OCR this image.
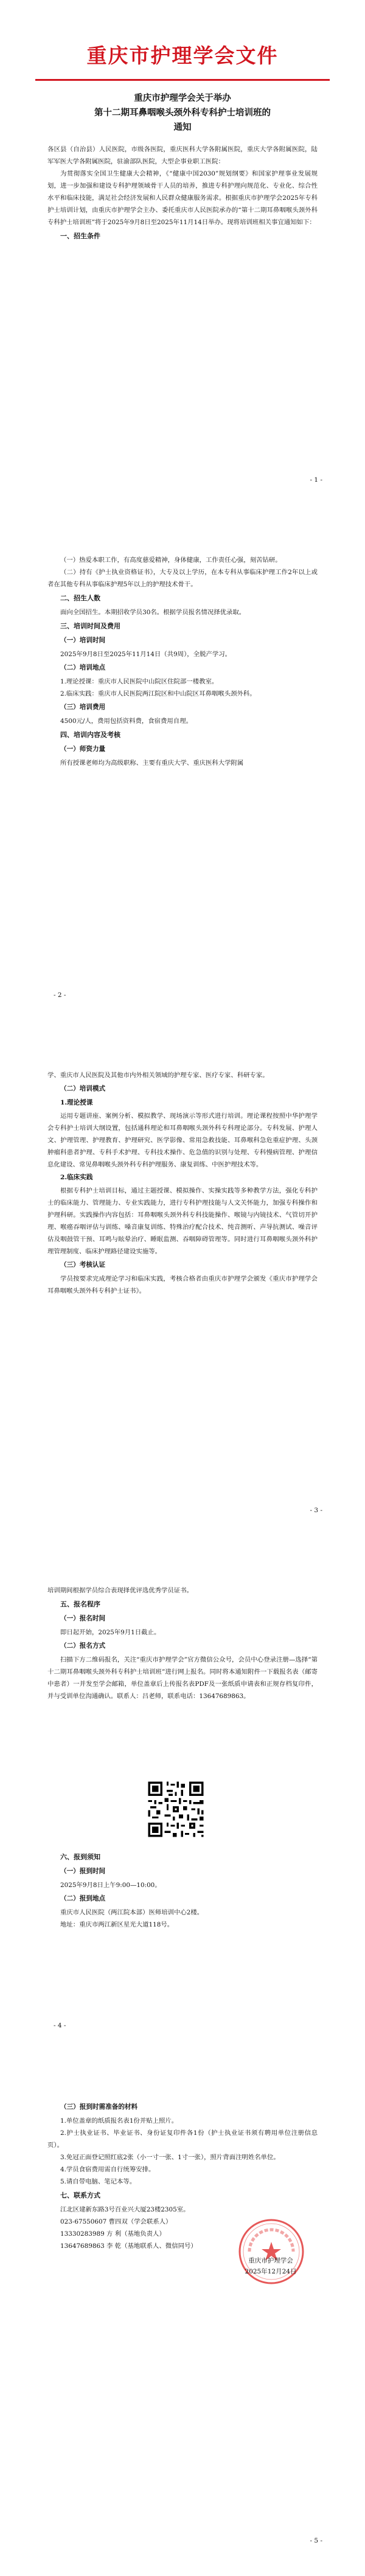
重庆市护理学会文件
重庆市护理学会关于举办
第十二期耳鼻咽喉头颈外科专科护士培训班的
通知

各区县（自治县）人民医院，市级各医院，重庆医科大学各附属医院，重庆大学各附属医院，陆军军医大学各附属医院，驻渝部队医院，大型企事业职工医院：

为贯彻落实全国卫生健康大会精神，《“健康中国2030”规划纲要》和国家护理事业发展规划，进一步加强和建设专科护理领域骨干人员的培养，推进专科护理向规范化、专业化、综合性水平和临床技能，满足社会经济发展和人民群众健康服务需求。根据重庆市护理学会2025年专科护士培训计划，由重庆市护理学会主办、委托重庆市人民医院承办的“第十二期耳鼻咽喉头颈外科专科护士培训班”将于2025年9月8日至2025年11月14日举办。现将培训班相关事宜通知如下：

一、招生条件

- 1 -

（一）热爱本职工作，有高度慈爱精神，身体健康，工作责任心强，刻苦钻研。

（二）持有《护士执业资格证书》，大专及以上学历，在本专科从事临床护理工作2年以上或者在其他专科从事临床护理5年以上的护理技术骨干。

二、招生人数

面向全国招生。本期招收学员30名。根据学员报名情况择优录取。

三、培训时间及费用

（一）培训时间

2025年9月8日至2025年11月14日（共9周），全脱产学习。

（二）培训地点

1.理论授课：重庆市人民医院中山院区住院部一楼教室。

2.临床实践：重庆市人民医院两江院区和中山院区耳鼻咽喉头颈外科。

（三）培训费用

4500元/人，费用包括资料费，食宿费用自理。

四、培训内容及考核

（一）师资力量

所有授课老师均为高级职称、主要有重庆大学、重庆医科大学附属

- 2 -

学、重庆市人民医院及其他市内外相关领域的护理专家、医疗专家、科研专家。

（二）培训模式

1.理论授课

运用专题讲座、案例分析、模拟教学、现场演示等形式进行培训。理论课程按照中华护理学会专科护士培训大纲设置，包括通科理论和耳鼻咽喉头颈外科专科理论部分。专科发展、护理人文、护理管理、护理教育、护理研究、医学影像、常用急救技能、耳鼻喉科急危重症护理、头颈肿瘤科患者护理、专科手术护理、专科技术操作、危急值的识别与处理、专科慢病管理、护理信息化建设、常见鼻咽喉头颈外科专科护理服务、康复训练、中医护理技术等。

2.临床实践

根据专科护士培训目标，通过主题授课、模拟操作、实操实践等多种教学方法，强化专科护士的临床能力、管理能力、专业实践能力，进行专科护理技能与人文关怀能力，加强专科操作和护理科研。实践操作内容包括：耳鼻咽喉头颈外科专科技能操作、喉镜与内镜技术、气管切开护理、喉癌吞咽评估与训练、嗓音康复训练、特殊治疗配合技术、纯音测听、声导抗测试、噪音评估及咽鼓管干预、耳鸣与眩晕治疗、睡眠监测、吞咽障碍管理等。同时进行耳鼻咽喉头颈外科护理管理制度、临床护理路径建设实施等。

（三）考核认证

学员按要求完成理论学习和临床实践，考核合格者由重庆市护理学会颁发《重庆市护理学会耳鼻咽喉头颈外科专科护士证书》。

- 3 -

培训期间根据学员综合表现择优评选优秀学员证书。

五、报名程序

（一）报名时间

即日起开始，2025年9月1日截止。

（二）报名方式

扫描下方二维码报名，关注“重庆市护理学会”官方微信公众号，会员中心登录注册—选择“第十二期耳鼻咽喉头颈外科专科护士培训班”进行网上报名。同时将本通知附件一下载报名表（邮寄中患者）一并发至学会邮箱，单位盖章后上传报名表PDF及一张纸质申请表和正规存档复印件，并与受训单位沟通确认。联系人：吕老师，联系电话：13647689863。

六、报到须知

（一）报到时间

2025年9月8日上午9:00—10:00。

（二）报到地点

重庆市人民医院（两江院本部）医师培训中心2楼。

地址：重庆市两江新区星光大道118号。

- 4 -

（三）报到时需准备的材料

1.单位盖章的纸质报名表1份并贴上照片。

2.护士执业证书、毕业证书、身份证复印件各1份（护士执业证书须有聘用单位注册信息页）。

3.免冠正面登记照红底2张（小一寸一张、1寸一张），照片背面注明姓名单位。

4.学员食宿费用需自行统筹安排。

5.请自带电脑、笔记本等。

七、联系方式

江北区建新东路3号百业兴大厦23楼2305室。

023-67550607 曹四双（学会联系人）

13330283989 方 利（基地负责人）

13647689863 李 乾（基地联系人、微信同号）

重庆市护理学会
2025年12月24日
- 5 -
